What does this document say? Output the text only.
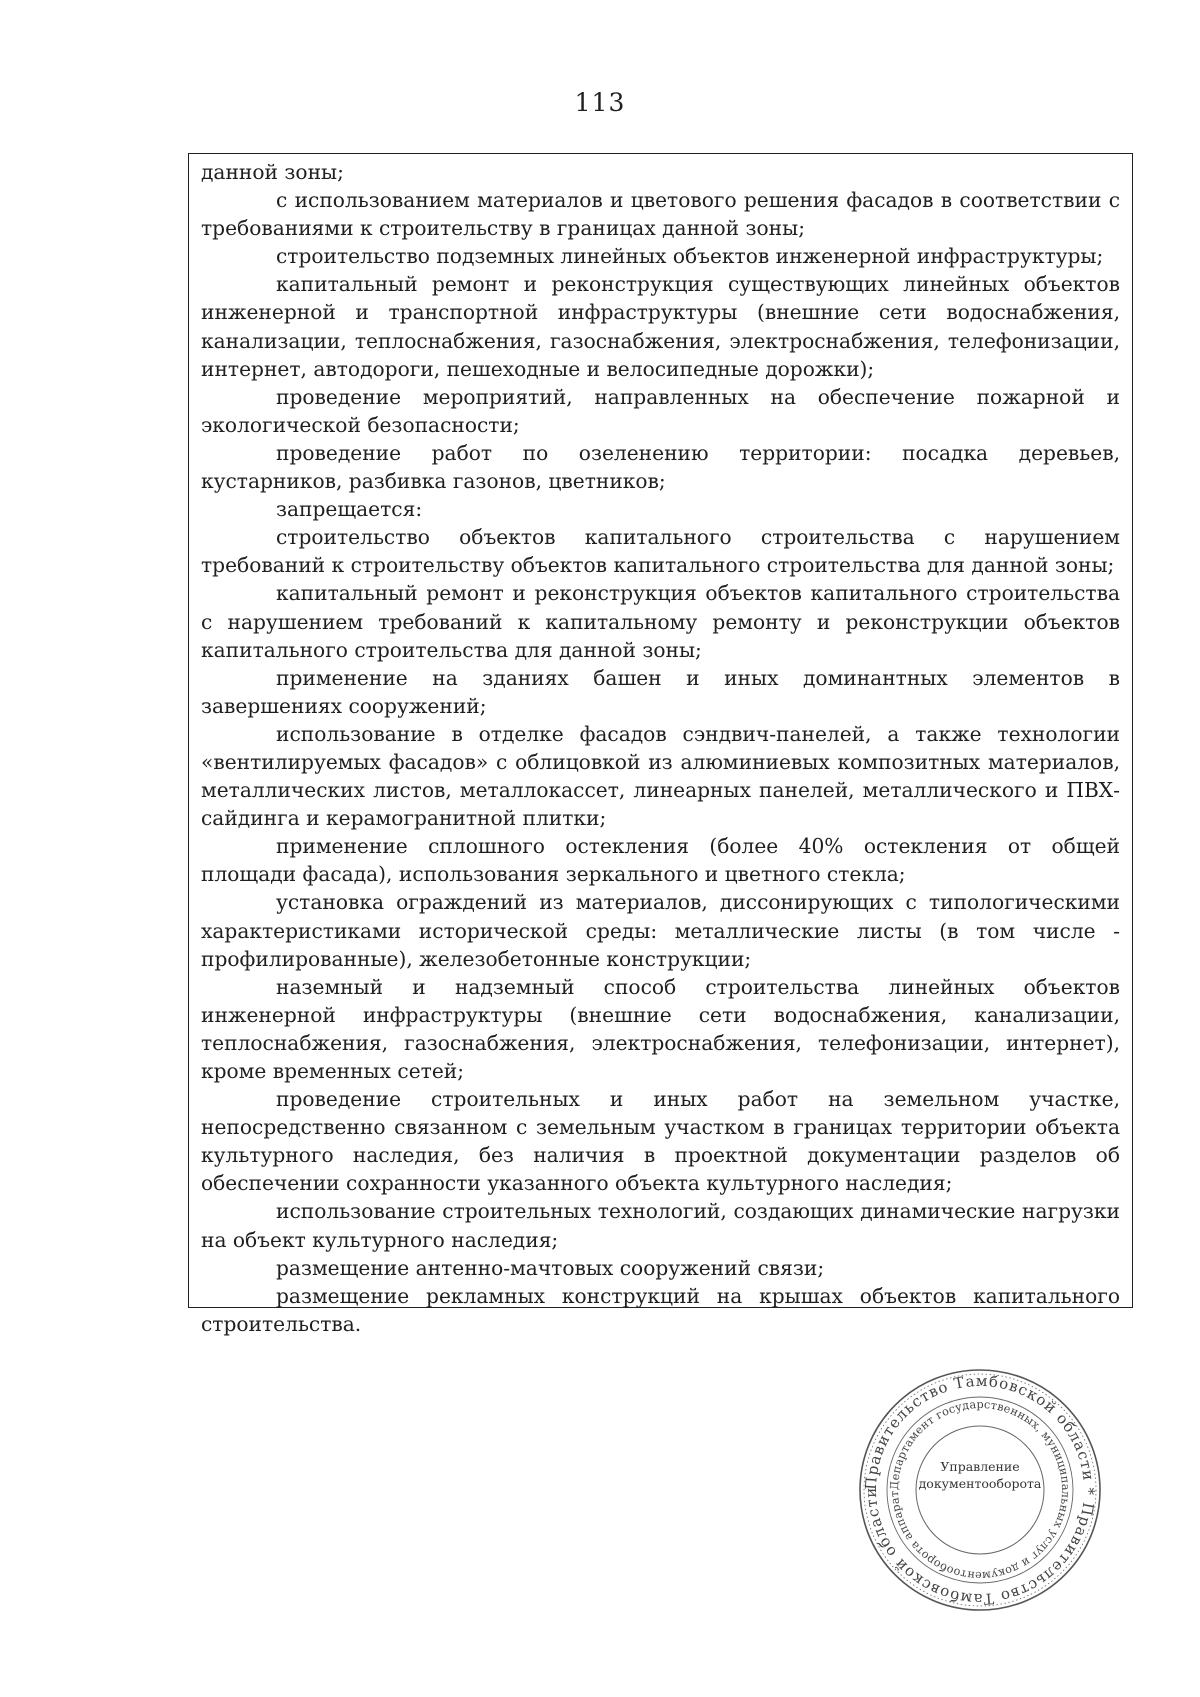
113

данной зоны;

с использованием материалов и цветового решения фасадов в соответствии с требованиями к строительству в границах данной зоны;

строительство подземных линейных объектов инженерной инфраструктуры;

капитальный ремонт и реконструкция существующих линейных объектов инженерной и транспортной инфраструктуры (внешние сети водоснабжения, канализации, теплоснабжения, газоснабжения, электроснабжения, телефонизации, интернет, автодороги, пешеходные и велосипедные дорожки);

проведение мероприятий, направленных на обеспечение пожарной и экологической безопасности;

проведение работ по озеленению территории: посадка деревьев, кустарников, разбивка газонов, цветников;

запрещается:

строительство объектов капитального строительства с нарушением требований к строительству объектов капитального строительства для данной зоны;

капитальный ремонт и реконструкция объектов капитального строительства с нарушением требований к капитальному ремонту и реконструкции объектов капитального строительства для данной зоны;

применение на зданиях башен и иных доминантных элементов в завершениях сооружений;

использование в отделке фасадов сэндвич-панелей, а также технологии «вентилируемых фасадов» с облицовкой из алюминиевых композитных материалов, металлических листов, металлокассет, линеарных панелей, металлического и ПВХ-сайдинга и керамогранитной плитки;

применение сплошного остекления (более 40% остекления от общей площади фасада), использования зеркального и цветного стекла;

установка ограждений из материалов, диссонирующих с типологическими характеристиками исторической среды: металлические листы (в том числе - профилированные), железобетонные конструкции;

наземный и надземный способ строительства линейных объектов инженерной инфраструктуры (внешние сети водоснабжения, канализации, теплоснабжения, газоснабжения, электроснабжения, телефонизации, интернет), кроме временных сетей;

проведение строительных и иных работ на земельном участке, непосредственно связанном с земельным участком в границах территории объекта культурного наследия, без наличия в проектной документации разделов об обеспечении сохранности указанного объекта культурного наследия;

использование строительных технологий, создающих динамические нагрузки на объект культурного наследия;

размещение антенно-мачтовых сооружений связи;

размещение рекламных конструкций на крышах объектов капитального строительства.

Правительство Тамбовской области * Правительство Тамбовской области
Департамент государственных, муниципальных услуг и документооборота аппарат
Управление
документооборота
